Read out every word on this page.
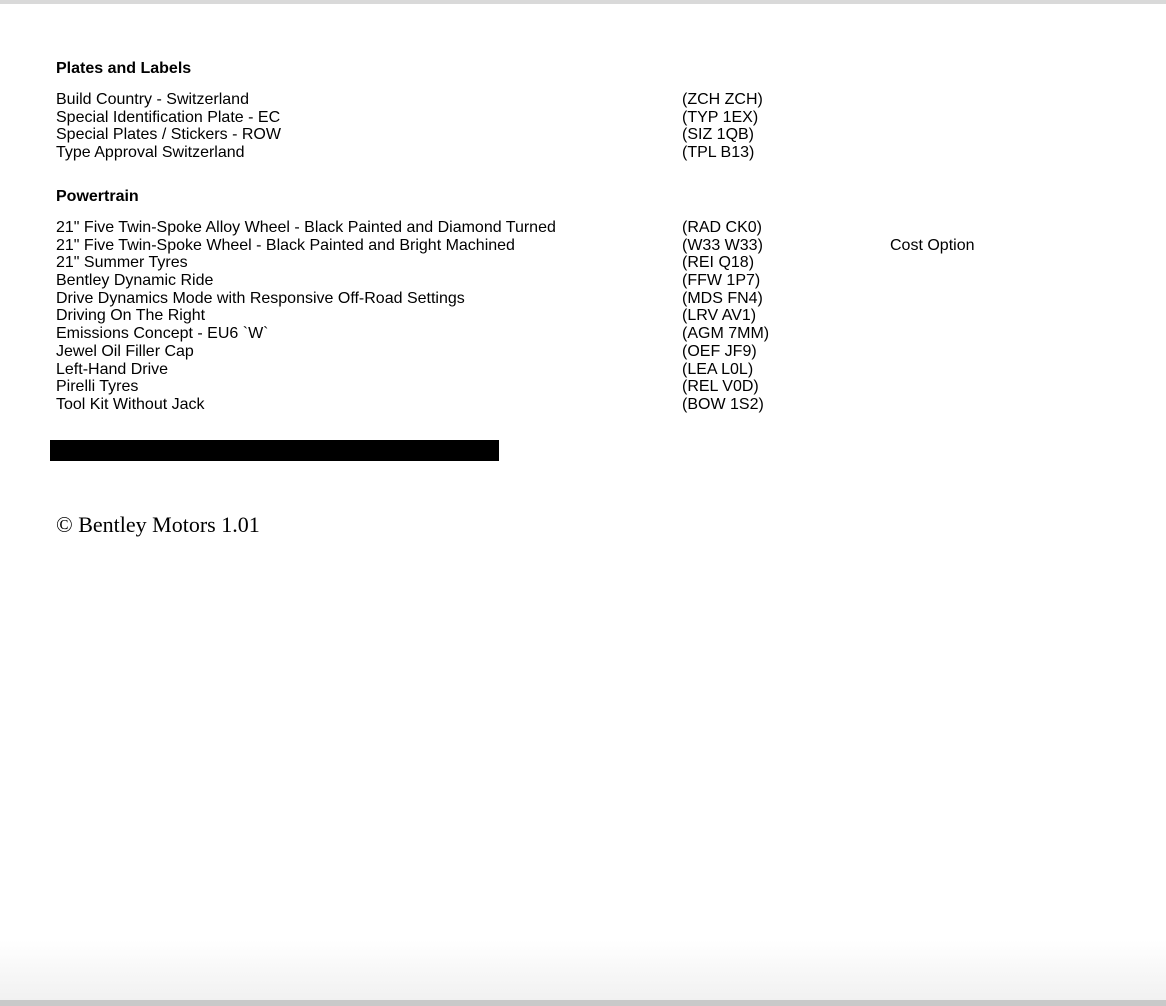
Plates and Labels
Build Country - Switzerland	(ZCH ZCH)
Special Identification Plate - EC	(TYP 1EX)
Special Plates / Stickers - ROW	(SIZ 1QB)
Type Approval Switzerland	(TPL B13)
Powertrain
21" Five Twin-Spoke Alloy Wheel - Black Painted and Diamond Turned	(RAD CK0)
21" Five Twin-Spoke Wheel - Black Painted and Bright Machined	(W33 W33)	Cost Option
21" Summer Tyres	(REI Q18)
Bentley Dynamic Ride	(FFW 1P7)
Drive Dynamics Mode with Responsive Off-Road Settings	(MDS FN4)
Driving On The Right	(LRV AV1)
Emissions Concept - EU6 `W`	(AGM 7MM)
Jewel Oil Filler Cap	(OEF JF9)
Left-Hand Drive	(LEA L0L)
Pirelli Tyres	(REL V0D)
Tool Kit Without Jack	(BOW 1S2)
© Bentley Motors 1.01
